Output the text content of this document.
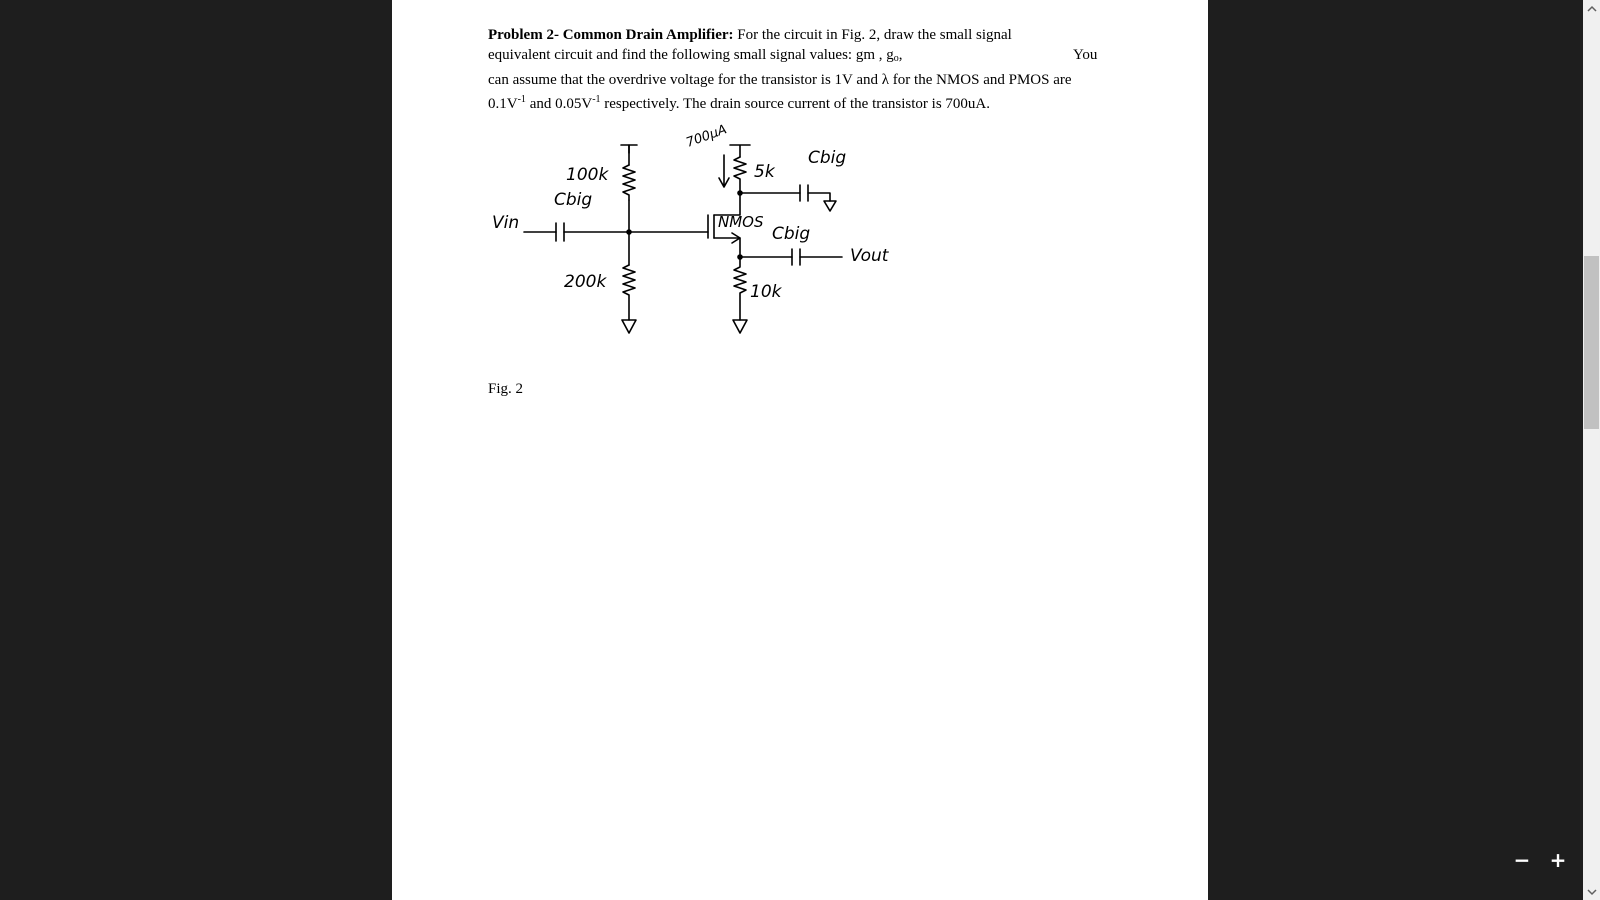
Problem 2- Common Drain Amplifier: For the circuit in Fig. 2, draw the small signal
equivalent circuit and find the following small signal values: gm , $g_o$,	You
can assume that the overdrive voltage for the transistor is 1V and λ for the NMOS and PMOS are
$0.1V^{-1}$ and $0.05V^{-1}$ respectively. The drain source current of the transistor is 700uA.
700μA
100k	5k
Cbig
Cbig
Vin	NMOS
Cbig
Vout
200k	10k
Fig. 2
− +
